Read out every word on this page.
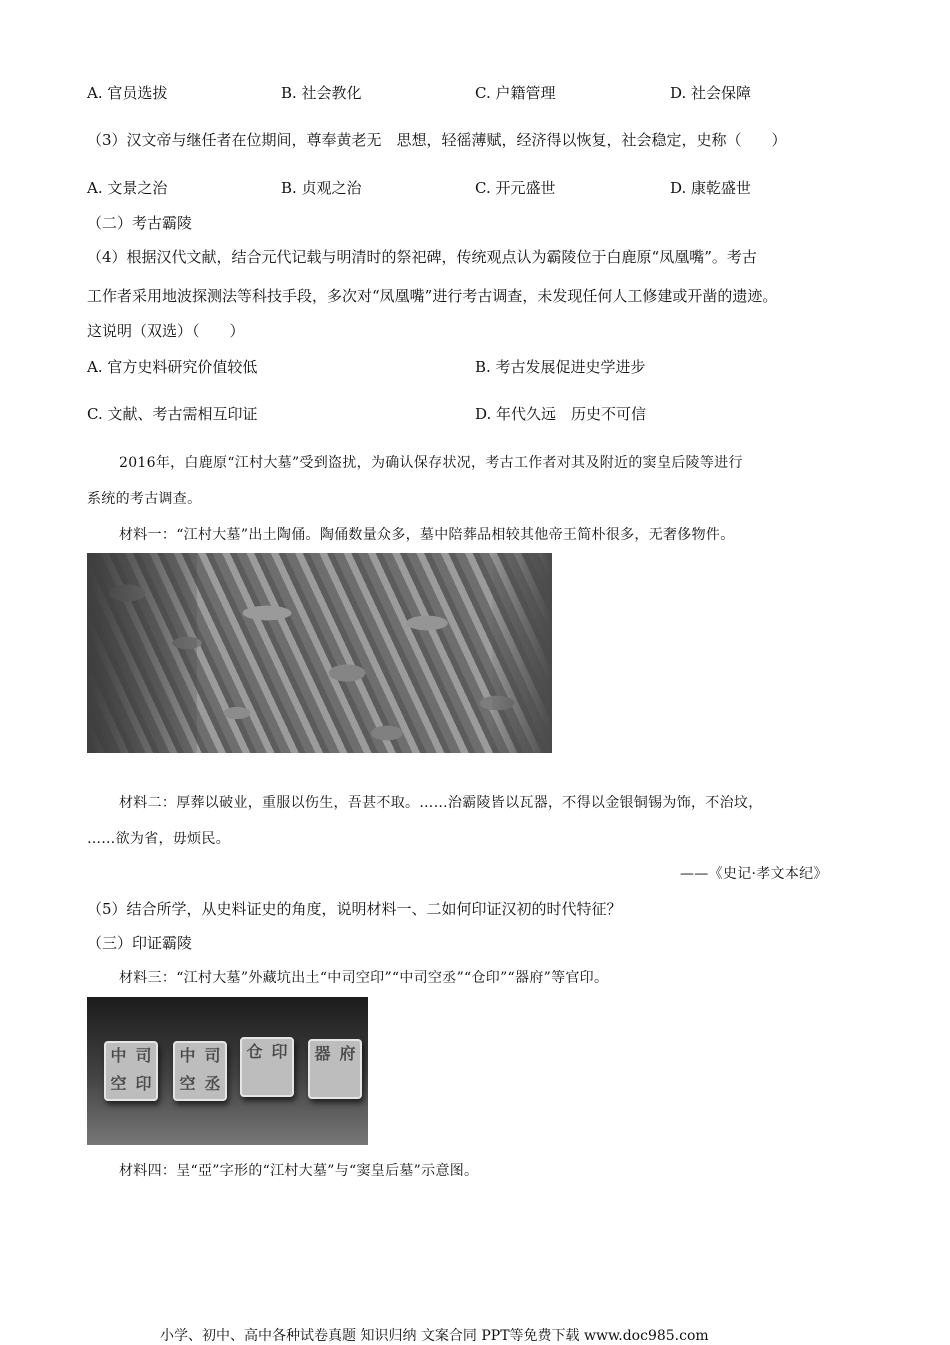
A. 官员选拔	B. 社会教化	C. 户籍管理	D. 社会保障
（3）汉文帝与继任者在位期间，尊奉黄老无　思想，轻徭薄赋，经济得以恢复，社会稳定，史称（　　）
A. 文景之治	B. 贞观之治	C. 开元盛世	D. 康乾盛世
（二）考古霸陵
（4）根据汉代文献，结合元代记载与明清时的祭祀碑，传统观点认为霸陵位于白鹿原“凤凰嘴”。考古
工作者采用地波探测法等科技手段，多次对“凤凰嘴”进行考古调查，未发现任何人工修建或开凿的遗迹。
这说明（双选）（　　）
A. 官方史料研究价值较低	B. 考古发展促进史学进步
C. 文献、考古需相互印证	D. 年代久远　历史不可信
2016年，白鹿原“江村大墓”受到盗扰，为确认保存状况，考古工作者对其及附近的窦皇后陵等进行
系统的考古调查。
材料一：“江村大墓”出土陶俑。陶俑数量众多，墓中陪葬品相较其他帝王简朴很多，无奢侈物件。
材料二：厚葬以破业，重服以伤生，吾甚不取。……治霸陵皆以瓦器，不得以金银铜锡为饰，不治坟，
……欲为省，毋烦民。
——《史记·孝文本纪》
（5）结合所学，从史料证史的角度，说明材料一、二如何印证汉初的时代特征？
（三）印证霸陵
材料三：“江村大墓”外藏坑出土“中司空印”“中司空丞”“仓印”“器府”等官印。
中 司
空 印
中 司
空 丞
仓 印 器 府
材料四：呈“亞”字形的“江村大墓”与“窦皇后墓”示意图。
小学、初中、高中各种试卷真题 知识归纳 文案合同 PPT等免费下载 www.doc985.com
